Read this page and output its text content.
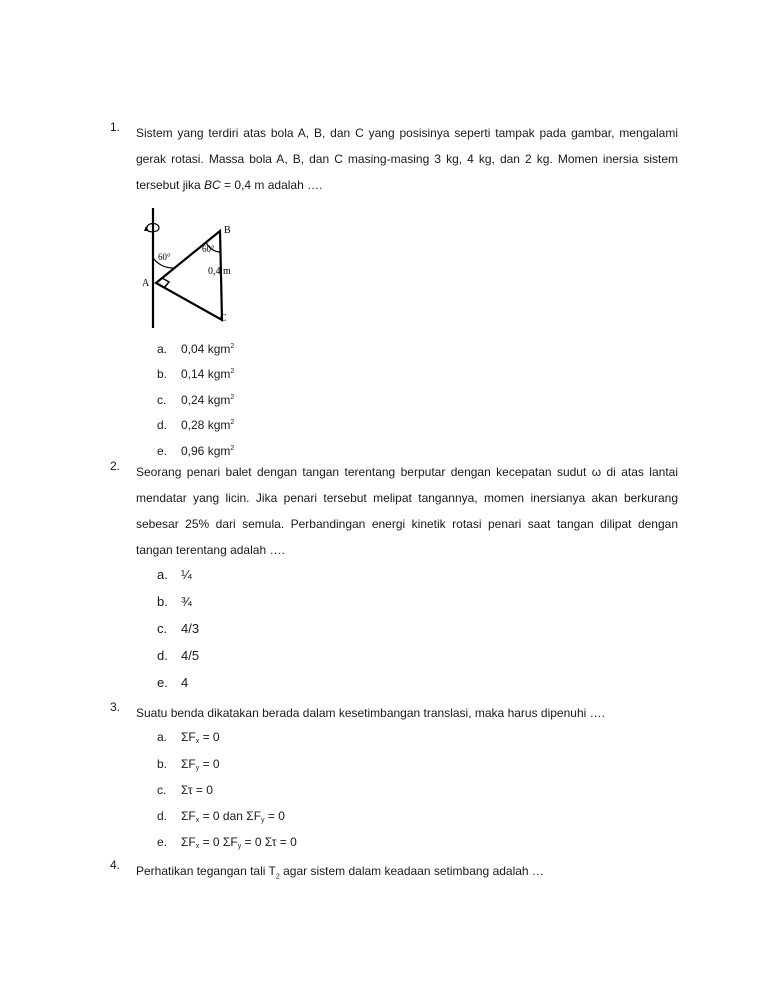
1.	Sistem yang terdiri atas bola A, B, dan C yang posisinya seperti tampak pada gambar, mengalami gerak rotasi. Massa bola A, B, dan C masing-masing 3 kg, 4 kg, dan 2 kg. Momen inersia sistem tersebut jika BC = 0,4 m adalah ….
60°
60°
B
A
C
0,4 m
a. 0,04 kgm$^2$
b. 0,14 kgm$^2$
c. 0,24 kgm$^2$
d. 0,28 kgm$^2$
e. 0,96 kgm$^2$
2.	Seorang penari balet dengan tangan terentang berputar dengan kecepatan sudut ω di atas lantai mendatar yang licin. Jika penari tersebut melipat tangannya, momen inersianya akan berkurang sebesar 25% dari semula. Perbandingan energi kinetik rotasi penari saat tangan dilipat dengan tangan terentang adalah ….
a. ¼
b. ¾
c. 4/3
d. 4/5
e. 4
3.	Suatu benda dikatakan berada dalam kesetimbangan translasi, maka harus dipenuhi ….
a. $\Sigma F_x = 0$
b. $\Sigma F_y = 0$
c. Στ = 0
d. $\Sigma F_x = 0$ dan $\Sigma F_y = 0$
e. $\Sigma F_x = 0$ $\Sigma F_y = 0$ Στ = 0
4.	Perhatikan tegangan tali $T_2$ agar sistem dalam keadaan setimbang adalah …
